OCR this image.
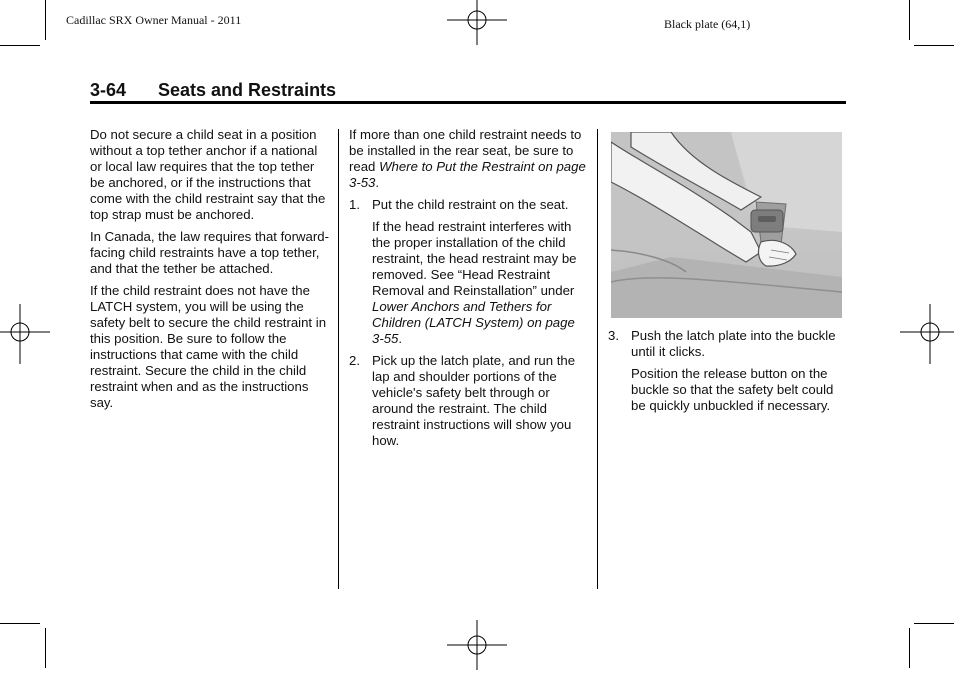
Cadillac SRX Owner Manual - 2011	Black plate (64,1)
3-64 Seats and Restraints

Do not secure a child seat in a position without a top tether anchor if a national or local law requires that the top tether be anchored, or if the instructions that come with the child restraint say that the top strap must be anchored.

In Canada, the law requires that forward-facing child restraints have a top tether, and that the tether be attached.

If the child restraint does not have the LATCH system, you will be using the safety belt to secure the child restraint in this position. Be sure to follow the instructions that came with the child restraint. Secure the child in the child restraint when and as the instructions say.

If more than one child restraint needs to be installed in the rear seat, be sure to read Where to Put the Restraint on page 3-53.

1. Put the child restraint on the seat.
If the head restraint interferes with the proper installation of the child restraint, the head restraint may be removed. See “Head Restraint Removal and Reinstallation” under Lower Anchors and Tethers for Children (LATCH System) on page 3-55.
2. Pick up the latch plate, and run the lap and shoulder portions of the vehicle's safety belt through or around the restraint. The child restraint instructions will show you how.
3. Push the latch plate into the buckle until it clicks.
Position the release button on the buckle so that the safety belt could be quickly unbuckled if necessary.
